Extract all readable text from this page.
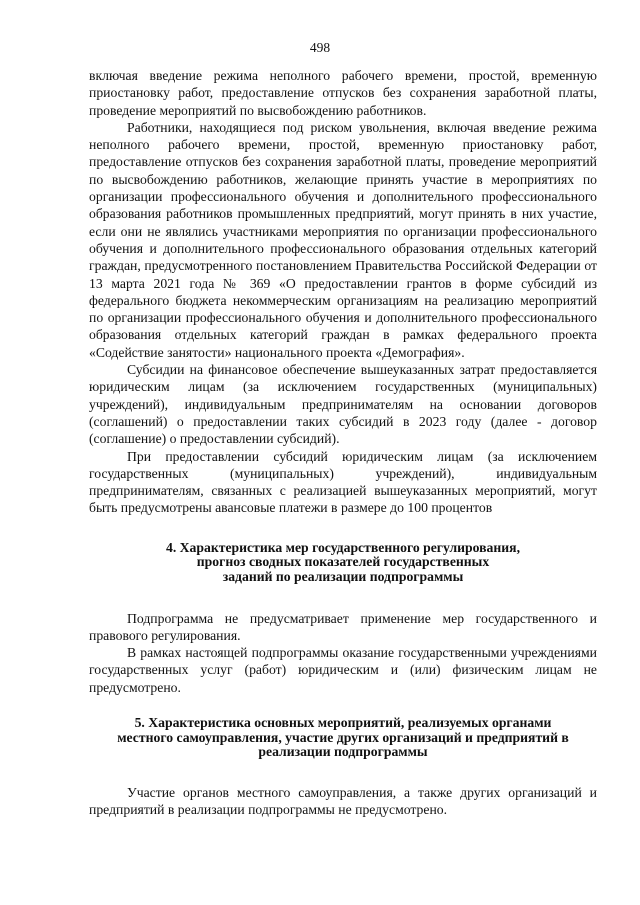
498

включая введение режима неполного рабочего времени, простой, временную приостановку работ, предоставление отпусков без сохранения заработной платы, проведение мероприятий по высвобождению работников.

Работники, находящиеся под риском увольнения, включая введение режима неполного рабочего времени, простой, временную приостановку работ, предоставление отпусков без сохранения заработной платы, проведение мероприятий по высвобождению работников, желающие принять участие в мероприятиях по организации профессионального обучения и дополнительного профессионального образования работников промышленных предприятий, могут принять в них участие, если они не являлись участниками мероприятия по организации профессионального обучения и дополнительного профессионального образования отдельных категорий граждан, предусмотренного постановлением Правительства Российской Федерации от 13 марта 2021 года № 369 «О предоставлении грантов в форме субсидий из федерального бюджета некоммерческим организациям на реализацию мероприятий по организации профессионального обучения и дополнительного профессионального образования отдельных категорий граждан в рамках федерального проекта «Содействие занятости» национального проекта «Демография».

Субсидии на финансовое обеспечение вышеуказанных затрат предоставляется юридическим лицам (за исключением государственных (муниципальных) учреждений), индивидуальным предпринимателям на основании договоров (соглашений) о предоставлении таких субсидий в 2023 году (далее - договор (соглашение) о предоставлении субсидий).

При предоставлении субсидий юридическим лицам (за исключением государственных (муниципальных) учреждений), индивидуальным предпринимателям, связанных с реализацией вышеуказанных мероприятий, могут быть предусмотрены авансовые платежи в размере до 100 процентов

4. Характеристика мер государственного регулирования,
прогноз сводных показателей государственных
заданий по реализации подпрограммы

Подпрограмма не предусматривает применение мер государственного и правового регулирования.

В рамках настоящей подпрограммы оказание государственными учреждениями государственных услуг (работ) юридическим и (или) физическим лицам не предусмотрено.

5. Характеристика основных мероприятий, реализуемых органами
местного самоуправления, участие других организаций и предприятий в
реализации подпрограммы

Участие органов местного самоуправления, а также других организаций и предприятий в реализации подпрограммы не предусмотрено.
